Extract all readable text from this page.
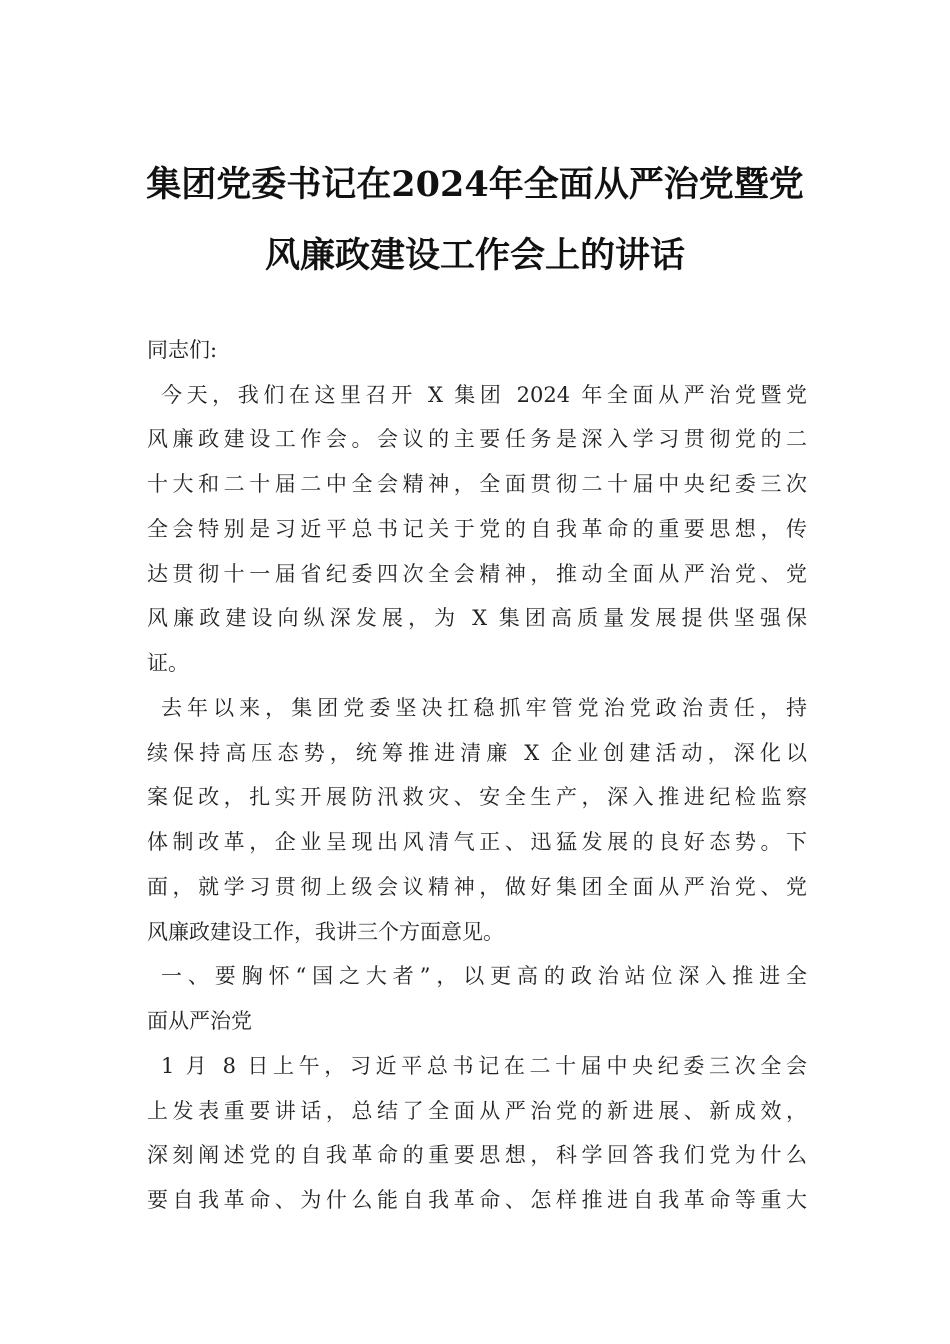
集团党委书记在2024年全面从严治党暨党
风廉政建设工作会上的讲话
同志们:
今天，我们在这里召开 X 集团 2024 年全面从严治党暨党
风廉政建设工作会。会议的主要任务是深入学习贯彻党的二
十大和二十届二中全会精神，全面贯彻二十届中央纪委三次
全会特别是习近平总书记关于党的自我革命的重要思想，传
达贯彻十一届省纪委四次全会精神，推动全面从严治党、党
风廉政建设向纵深发展，为 X 集团高质量发展提供坚强保
证。
去年以来，集团党委坚决扛稳抓牢管党治党政治责任，持
续保持高压态势，统筹推进清廉 X 企业创建活动，深化以
案促改，扎实开展防汛救灾、安全生产，深入推进纪检监察
体制改革，企业呈现出风清气正、迅猛发展的良好态势。下
面，就学习贯彻上级会议精神，做好集团全面从严治党、党
风廉政建设工作，我讲三个方面意见。
一、要胸怀“国之大者”，以更高的政治站位深入推进全
面从严治党
1 月 8 日上午，习近平总书记在二十届中央纪委三次全会
上发表重要讲话，总结了全面从严治党的新进展、新成效，
深刻阐述党的自我革命的重要思想，科学回答我们党为什么
要自我革命、为什么能自我革命、怎样推进自我革命等重大
